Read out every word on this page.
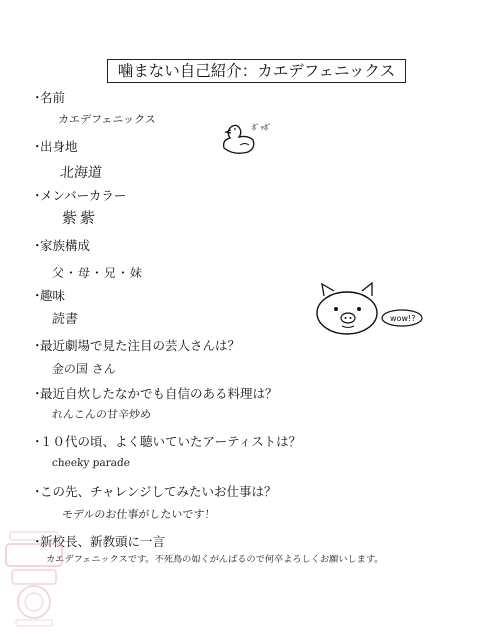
噛まない自己紹介：カエデフェニックス
・名前
カエデフェニックス
・出身地
北海道
・メンバーカラー
紫紫
・家族構成
父・母・兄・妹
・趣味
読書
・最近劇場で見た注目の芸人さんは？
金の国 さん
・最近自炊したなかでも自信のある料理は？
れんこんの甘辛炒め
・１０代の頃、よく聴いていたアーティストは？
cheeky parade
・この先、チャレンジしてみたいお仕事は？
モデルのお仕事がしたいです！
・新校長、新教頭に一言
カエデフェニックスです。不死鳥の如くがんばるので何卒よろしくお願いします。
ﾎﾟｯﾎﾟ
wow!?
